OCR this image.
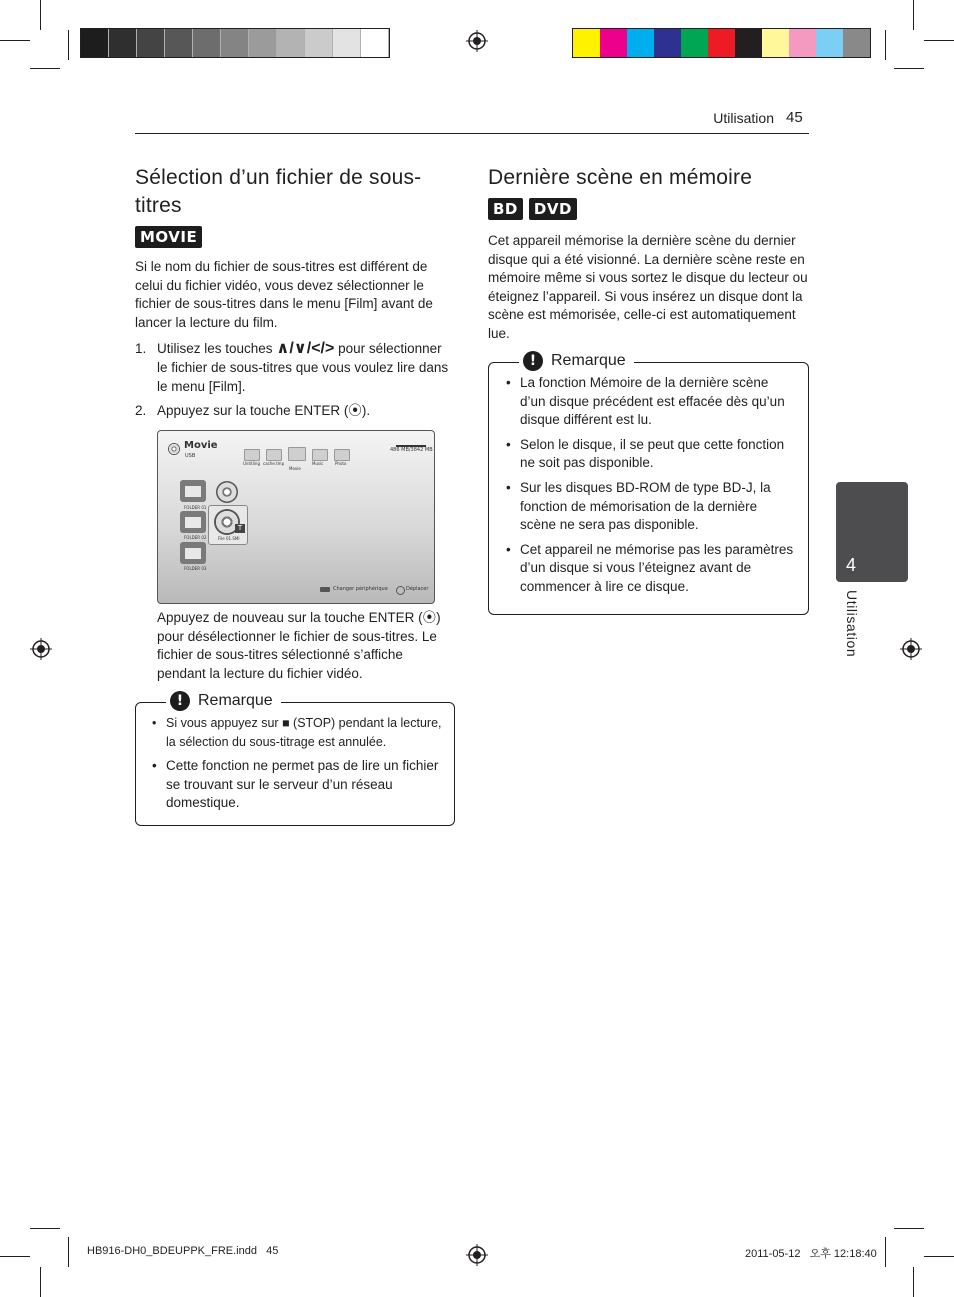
Utilisation 45
Sélection d’un fichier de sous-titres
MOVIE

Si le nom du fichier de sous-titres est différent de celui du fichier vidéo, vous devez sélectionner le fichier de sous-titres dans le menu [Film] avant de lancer la lecture du film.

1. Utilisez les touches ∧/∨/</> pour sélectionner le fichier de sous-titres que vous voulez lire dans le menu [Film].
2. Appuyez sur la touche ENTER (⦿).
Movie
USB
486 MB/3842 MB
Untitling cache.tmp
Movie
Music	Photo
FOLDER 01
FOLDER 02
FOLDER 03
T
File 01.SMI
Changer périphérique	Déplacer
Appuyez de nouveau sur la touche ENTER (⦿) pour désélectionner le fichier de sous-titres. Le fichier de sous-titres sélectionné s’affiche pendant la lecture du fichier vidéo.
! Remarque
• Si vous appuyez sur ■ (STOP) pendant la lecture, la sélection du sous-titrage est annulée.
• Cette fonction ne permet pas de lire un fichier se trouvant sur le serveur d’un réseau domestique.
Dernière scène en mémoire
BD DVD

Cet appareil mémorise la dernière scène du dernier disque qui a été visionné. La dernière scène reste en mémoire même si vous sortez le disque du lecteur ou éteignez l’appareil. Si vous insérez un disque dont la scène est mémorisée, celle-ci est automatiquement lue.

! Remarque
• La fonction Mémoire de la dernière scène d’un disque précédent est effacée dès qu’un disque différent est lu.
• Selon le disque, il se peut que cette fonction ne soit pas disponible.
• Sur les disques BD-ROM de type BD-J, la fonction de mémorisation de la dernière scène ne sera pas disponible.
• Cet appareil ne mémorise pas les paramètres d’un disque si vous l’éteignez avant de commencer à lire ce disque.
4
Utilisation
HB916-DH0_BDEUPPK_FRE.indd   45	2011-05-12   오후 12:18:40
